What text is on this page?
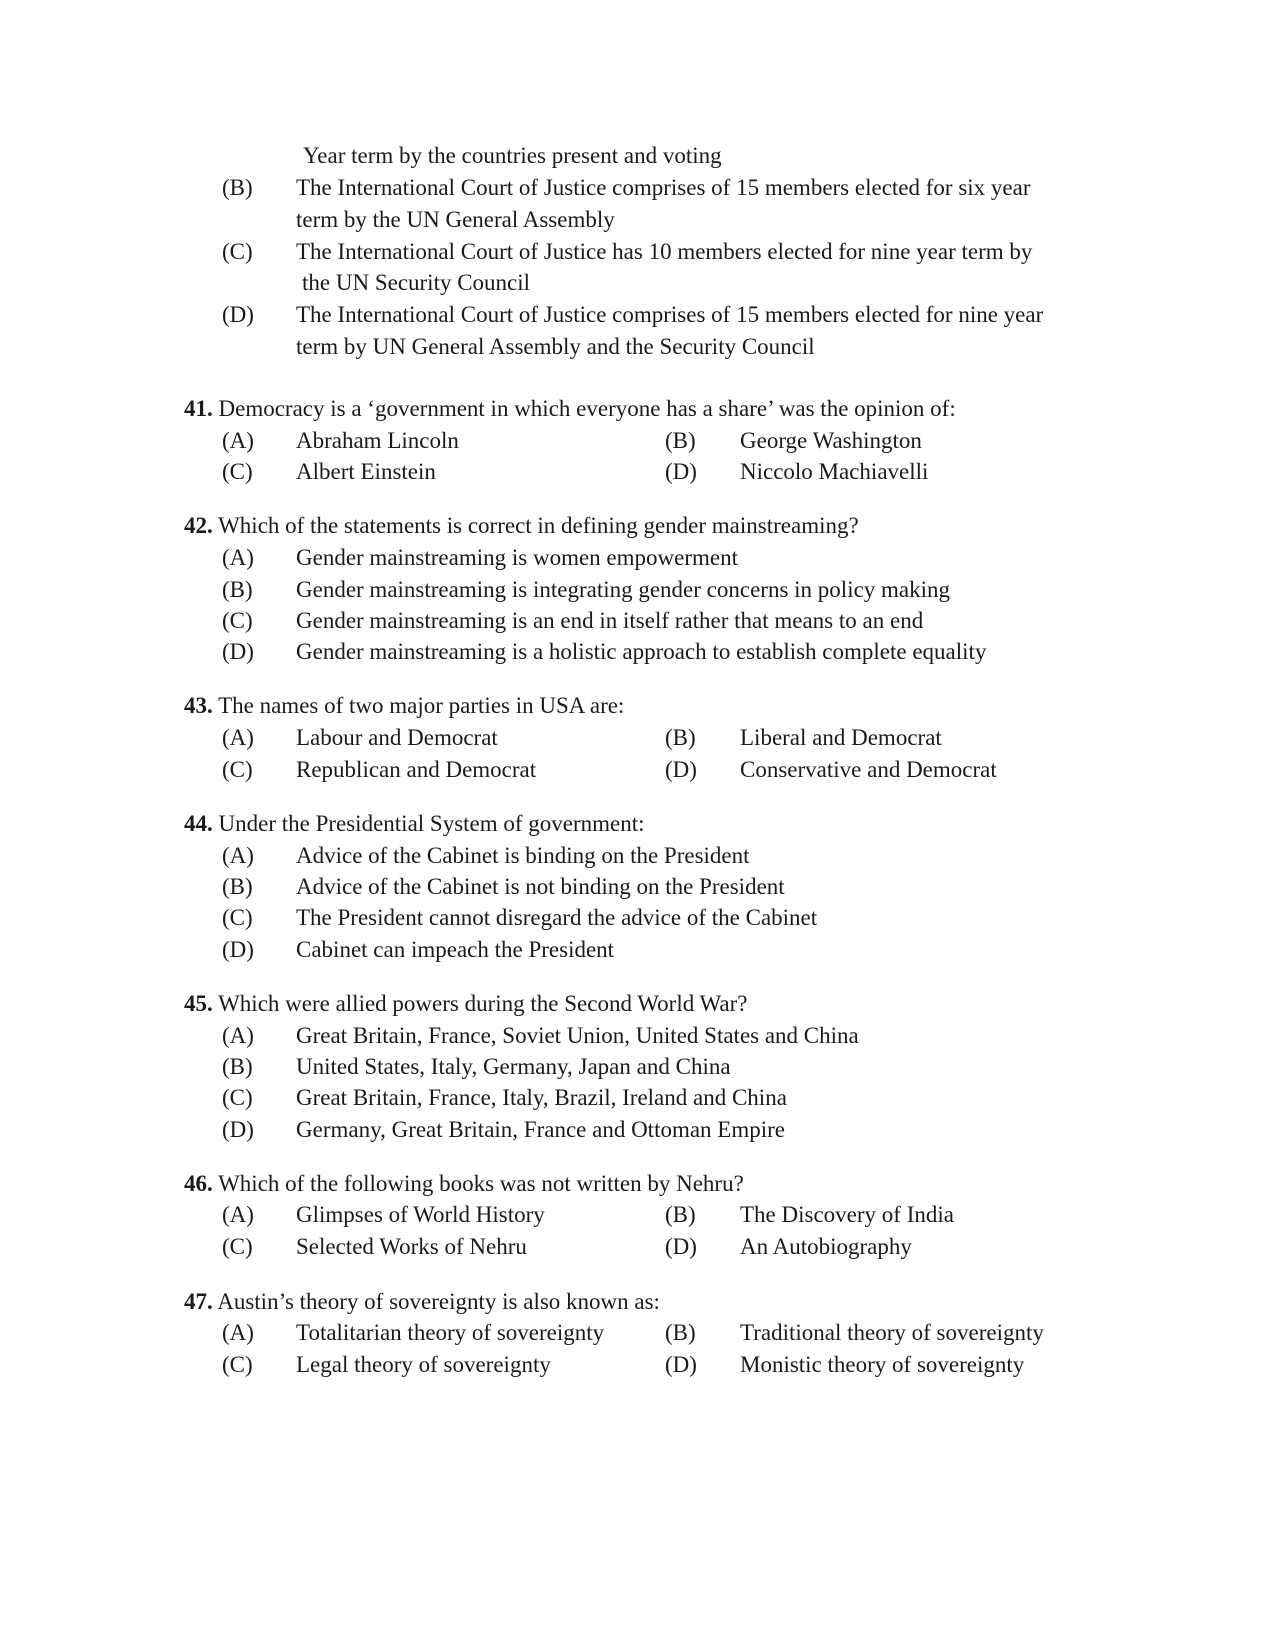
Year term by the countries present and voting
(B) The International Court of Justice comprises of 15 members elected for six year
term by the UN General Assembly
(C) The International Court of Justice has 10 members elected for nine year term by
the UN Security Council
(D) The International Court of Justice comprises of 15 members elected for nine year
term by UN General Assembly and the Security Council
41. Democracy is a ‘government in which everyone has a share’ was the opinion of:
(A) Abraham Lincoln	(B) George Washington
(C) Albert Einstein	(D) Niccolo Machiavelli
42. Which of the statements is correct in defining gender mainstreaming?
(A) Gender mainstreaming is women empowerment
(B) Gender mainstreaming is integrating gender concerns in policy making
(C) Gender mainstreaming is an end in itself rather that means to an end
(D) Gender mainstreaming is a holistic approach to establish complete equality
43. The names of two major parties in USA are:
(A) Labour and Democrat	(B) Liberal and Democrat
(C) Republican and Democrat	(D) Conservative and Democrat
44. Under the Presidential System of government:
(A) Advice of the Cabinet is binding on the President
(B) Advice of the Cabinet is not binding on the President
(C) The President cannot disregard the advice of the Cabinet
(D) Cabinet can impeach the President
45. Which were allied powers during the Second World War?
(A) Great Britain, France, Soviet Union, United States and China
(B) United States, Italy, Germany, Japan and China
(C) Great Britain, France, Italy, Brazil, Ireland and China
(D) Germany, Great Britain, France and Ottoman Empire
46. Which of the following books was not written by Nehru?
(A) Glimpses of World History	(B) The Discovery of India
(C) Selected Works of Nehru	(D) An Autobiography
47. Austin’s theory of sovereignty is also known as:
(A) Totalitarian theory of sovereignty	(B) Traditional theory of sovereignty
(C) Legal theory of sovereignty	(D) Monistic theory of sovereignty
